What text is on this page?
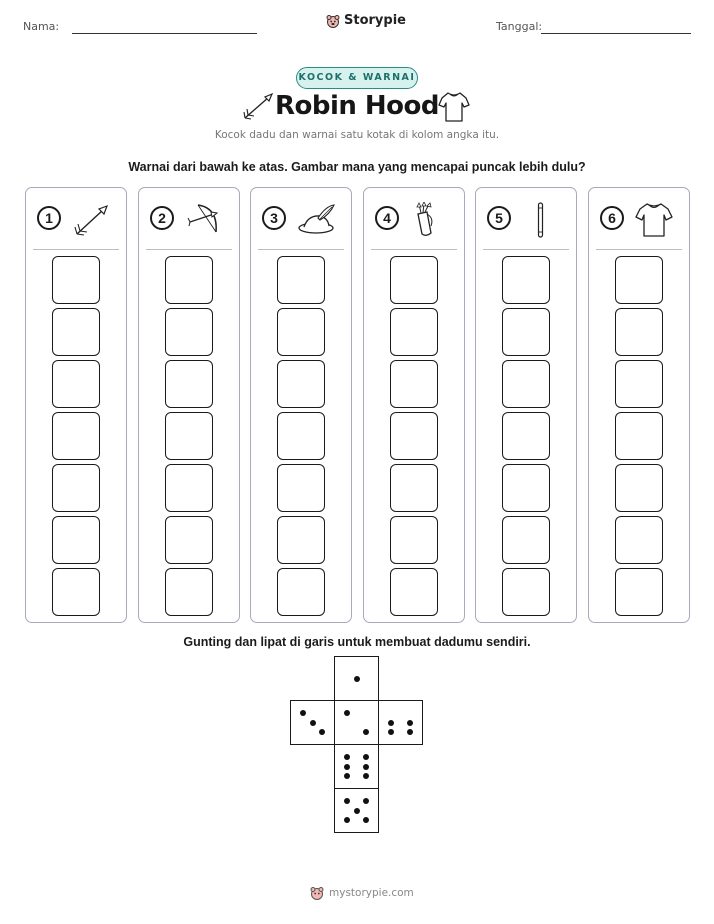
Nama:	Storypie	Tanggal:
KOCOK & WARNAI
Robin Hood
Kocok dadu dan warnai satu kotak di kolom angka itu.
Warnai dari bawah ke atas. Gambar mana yang mencapai puncak lebih dulu?
1	2	3	4	5	6
Gunting dan lipat di garis untuk membuat dadumu sendiri.
mystorypie.com
